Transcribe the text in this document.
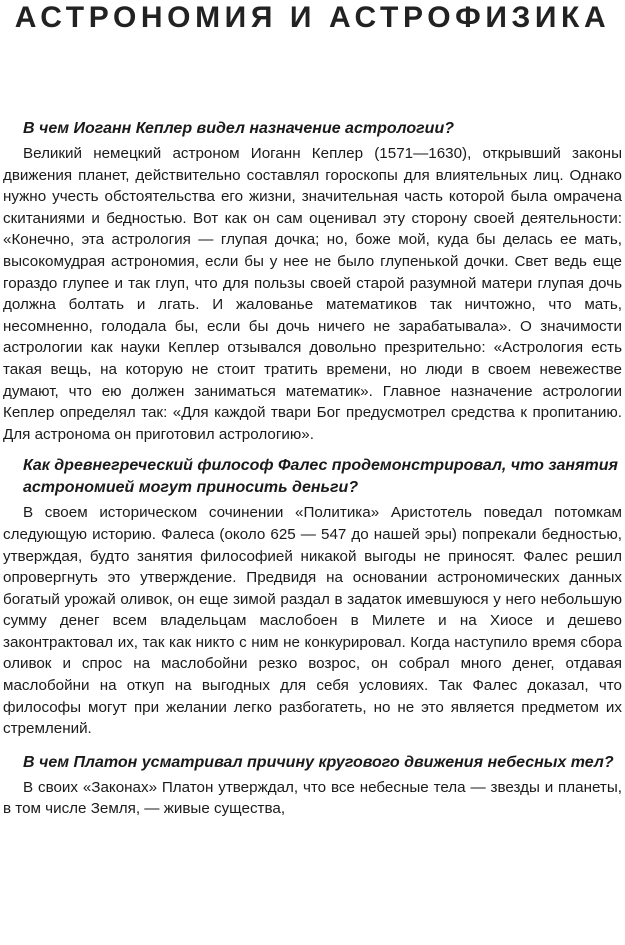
АСТРОНОМИЯ И АСТРОФИЗИКА

В чем Иоганн Кеплер видел назначение астрологии?

Великий немецкий астроном Иоганн Кеплер (1571—1630), открывший законы движения планет, действительно составлял гороскопы для влиятельных лиц. Однако нужно учесть обстоятельства его жизни, значительная часть которой была омрачена скитаниями и бедностью. Вот как он сам оценивал эту сторону своей деятельности: «Конечно, эта астрология — глупая дочка; но, боже мой, куда бы делась ее мать, высокомудрая астрономия, если бы у нее не было глупенькой дочки. Свет ведь еще гораздо глупее и так глуп, что для пользы своей старой разумной матери глупая дочь должна болтать и лгать. И жалованье математиков так ничтожно, что мать, несомненно, голодала бы, если бы дочь ничего не зарабатывала». О значимости астрологии как науки Кеплер отзывался довольно презрительно: «Астрология есть такая вещь, на которую не стоит тратить времени, но люди в своем невежестве думают, что ею должен заниматься математик». Главное назначение астрологии Кеплер определял так: «Для каждой твари Бог предусмотрел средства к пропитанию. Для астронома он приготовил астрологию».

Как древнегреческий философ Фалес продемонстрировал, что занятия астрономией могут приносить деньги?

В своем историческом сочинении «Политика» Аристотель поведал потомкам следующую историю. Фалеса (около 625 — 547 до нашей эры) попрекали бедностью, утверждая, будто занятия философией никакой выгоды не приносят. Фалес решил опровергнуть это утверждение. Предвидя на основании астрономических данных богатый урожай оливок, он еще зимой раздал в задаток имевшуюся у него небольшую сумму денег всем владельцам маслобоен в Милете и на Хиосе и дешево законтрактовал их, так как никто с ним не конкурировал. Когда наступило время сбора оливок и спрос на маслобойни резко возрос, он собрал много денег, отдавая маслобойни на откуп на выгодных для себя условиях. Так Фалес доказал, что философы могут при желании легко разбогатеть, но не это является предметом их стремлений.

В чем Платон усматривал причину кругового движения небесных тел?

В своих «Законах» Платон утверждал, что все небесные тела — звезды и планеты, в том числе Земля, — живые существа,
